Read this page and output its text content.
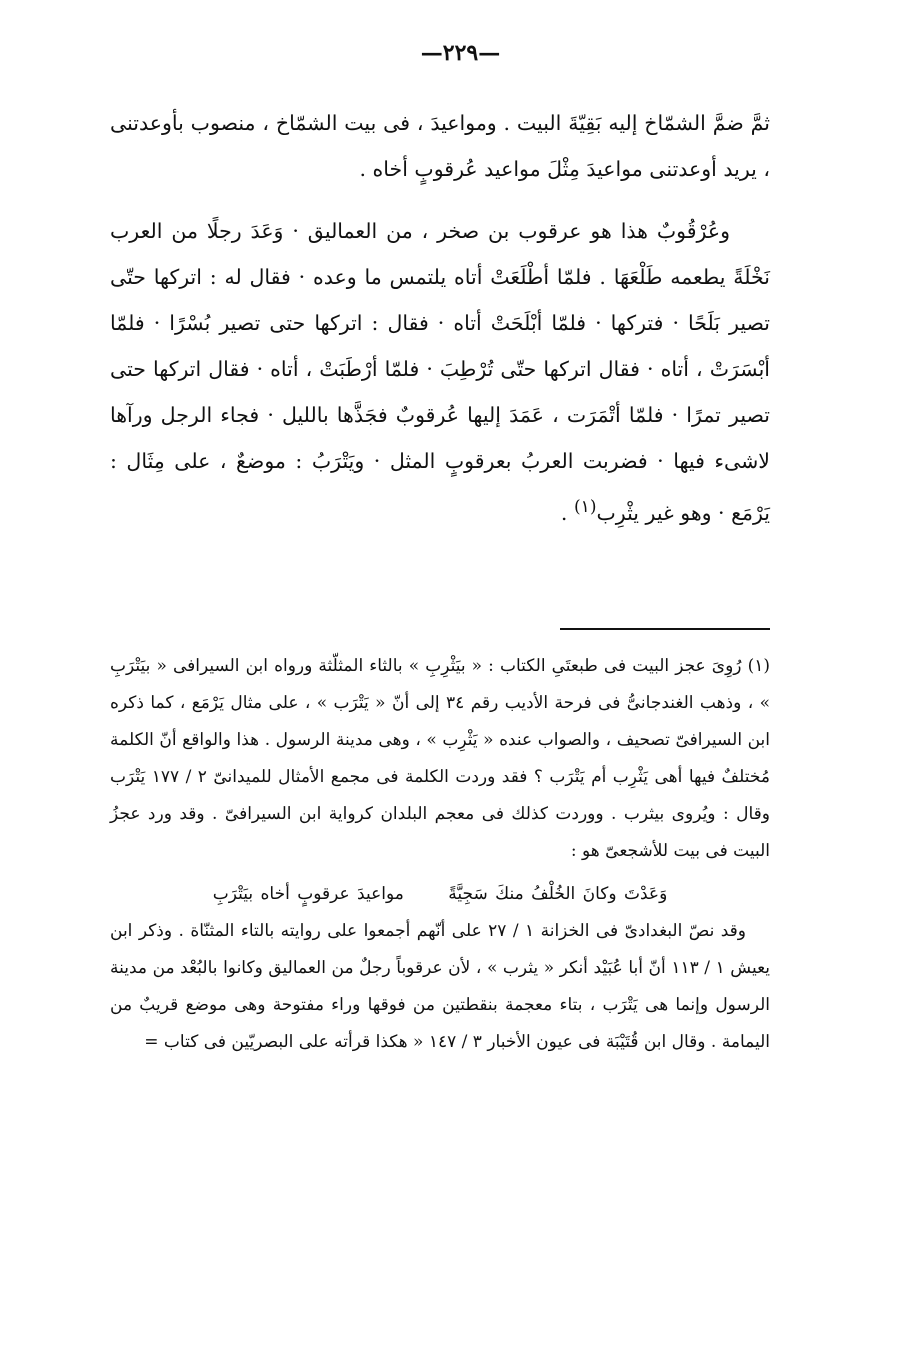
—٢٢٩—

ثمَّ ضمَّ الشمّاخ إليه بَقِيّةَ البيت . ومواعيدَ ، فى بيت الشمّاخ ، منصوب بأوعدتنى ، يريد أوعدتنى مواعيدَ مِثْلَ مواعيد عُرقوبٍ أخاه .

وعُرْقُوبٌ هذا هو عرقوب بن صخر ، من العماليق · وَعَدَ رجلًا من العرب نَخْلَةً يطعمه طَلْعَهَا . فلمّا أطْلَعَتْ أتاه يلتمس ما وعده · فقال له : اتركها حتّى تصير بَلَحًا · فتركها · فلمّا أبْلَحَتْ أتاه · فقال : اتركها حتى تصير بُسْرًا · فلمّا أبْسَرَتْ ، أتاه · فقال اتركها حتّى تُرْطِبَ · فلمّا أرْطَبَتْ ، أتاه · فقال اتركها حتى تصير تمرًا · فلمّا أتْمَرَت ، عَمَدَ إليها عُرقوبٌ فجَذَّها بالليل · فجاء الرجل ورآها لاشىء فيها · فضربت العربُ بعرقوبٍ المثل · ويَتْرَبُ : موضعٌ ، على مِثَال : يَرْمَع · وهو غير يثْرِب$^{(١)}$ .

(١) رُوِىَ عجز البيت فى طبعتَىِ الكتاب : « بيَثْرِبِ » بالثاء المثلّثة ورواه ابن السيرافى « بيَتْرَبِ » ، وذهب الغندجانىُّ فى فرحة الأديب رقم ٣٤ إلى أنّ « يَتْرَب » ، على مثال يَرْمَع ، كما ذكره ابن السيرافىّ تصحيف ، والصواب عنده « يَثْرِب » ، وهى مدينة الرسول . هذا والواقع أنّ الكلمة مُختلفٌ فيها أهى يَثْرِب أم يَتْرَب ؟ فقد وردت الكلمة فى مجمع الأمثال للميدانىّ ٢ / ١٧٧ يَتْرَب وقال : ويُروى بيثرب . ووردت كذلك فى معجم البلدان كرواية ابن السيرافىّ . وقد ورد عجزُ البيت فى بيت للأشجعىّ هو :

وَعَدْتَ وكانَ الخُلْفُ منكَ سَجِيَّةً      مواعيدَ عرقوبٍ أخاه بيَتْرَبِ

وقد نصّ البغدادىّ فى الخزانة ١ / ٢٧ على أنّهم أجمعوا على روايته بالتاء المثنّاة . وذكر ابن يعيش ١ / ١١٣ أنّ أبا عُبَيْد أنكر « يثرب » ، لأن عرقوباً رجلٌ من العماليق وكانوا بالبُعْد من مدينة الرسول وإنما هى يَتْرَب ، بتاء معجمة بنقطتين من فوقها وراء مفتوحة وهى موضع قريبٌ من اليمامة . وقال ابن قُتَيْبَة فى عيون الأخبار ٣ / ١٤٧ « هكذا قرأته على البصريّين فى كتاب =
